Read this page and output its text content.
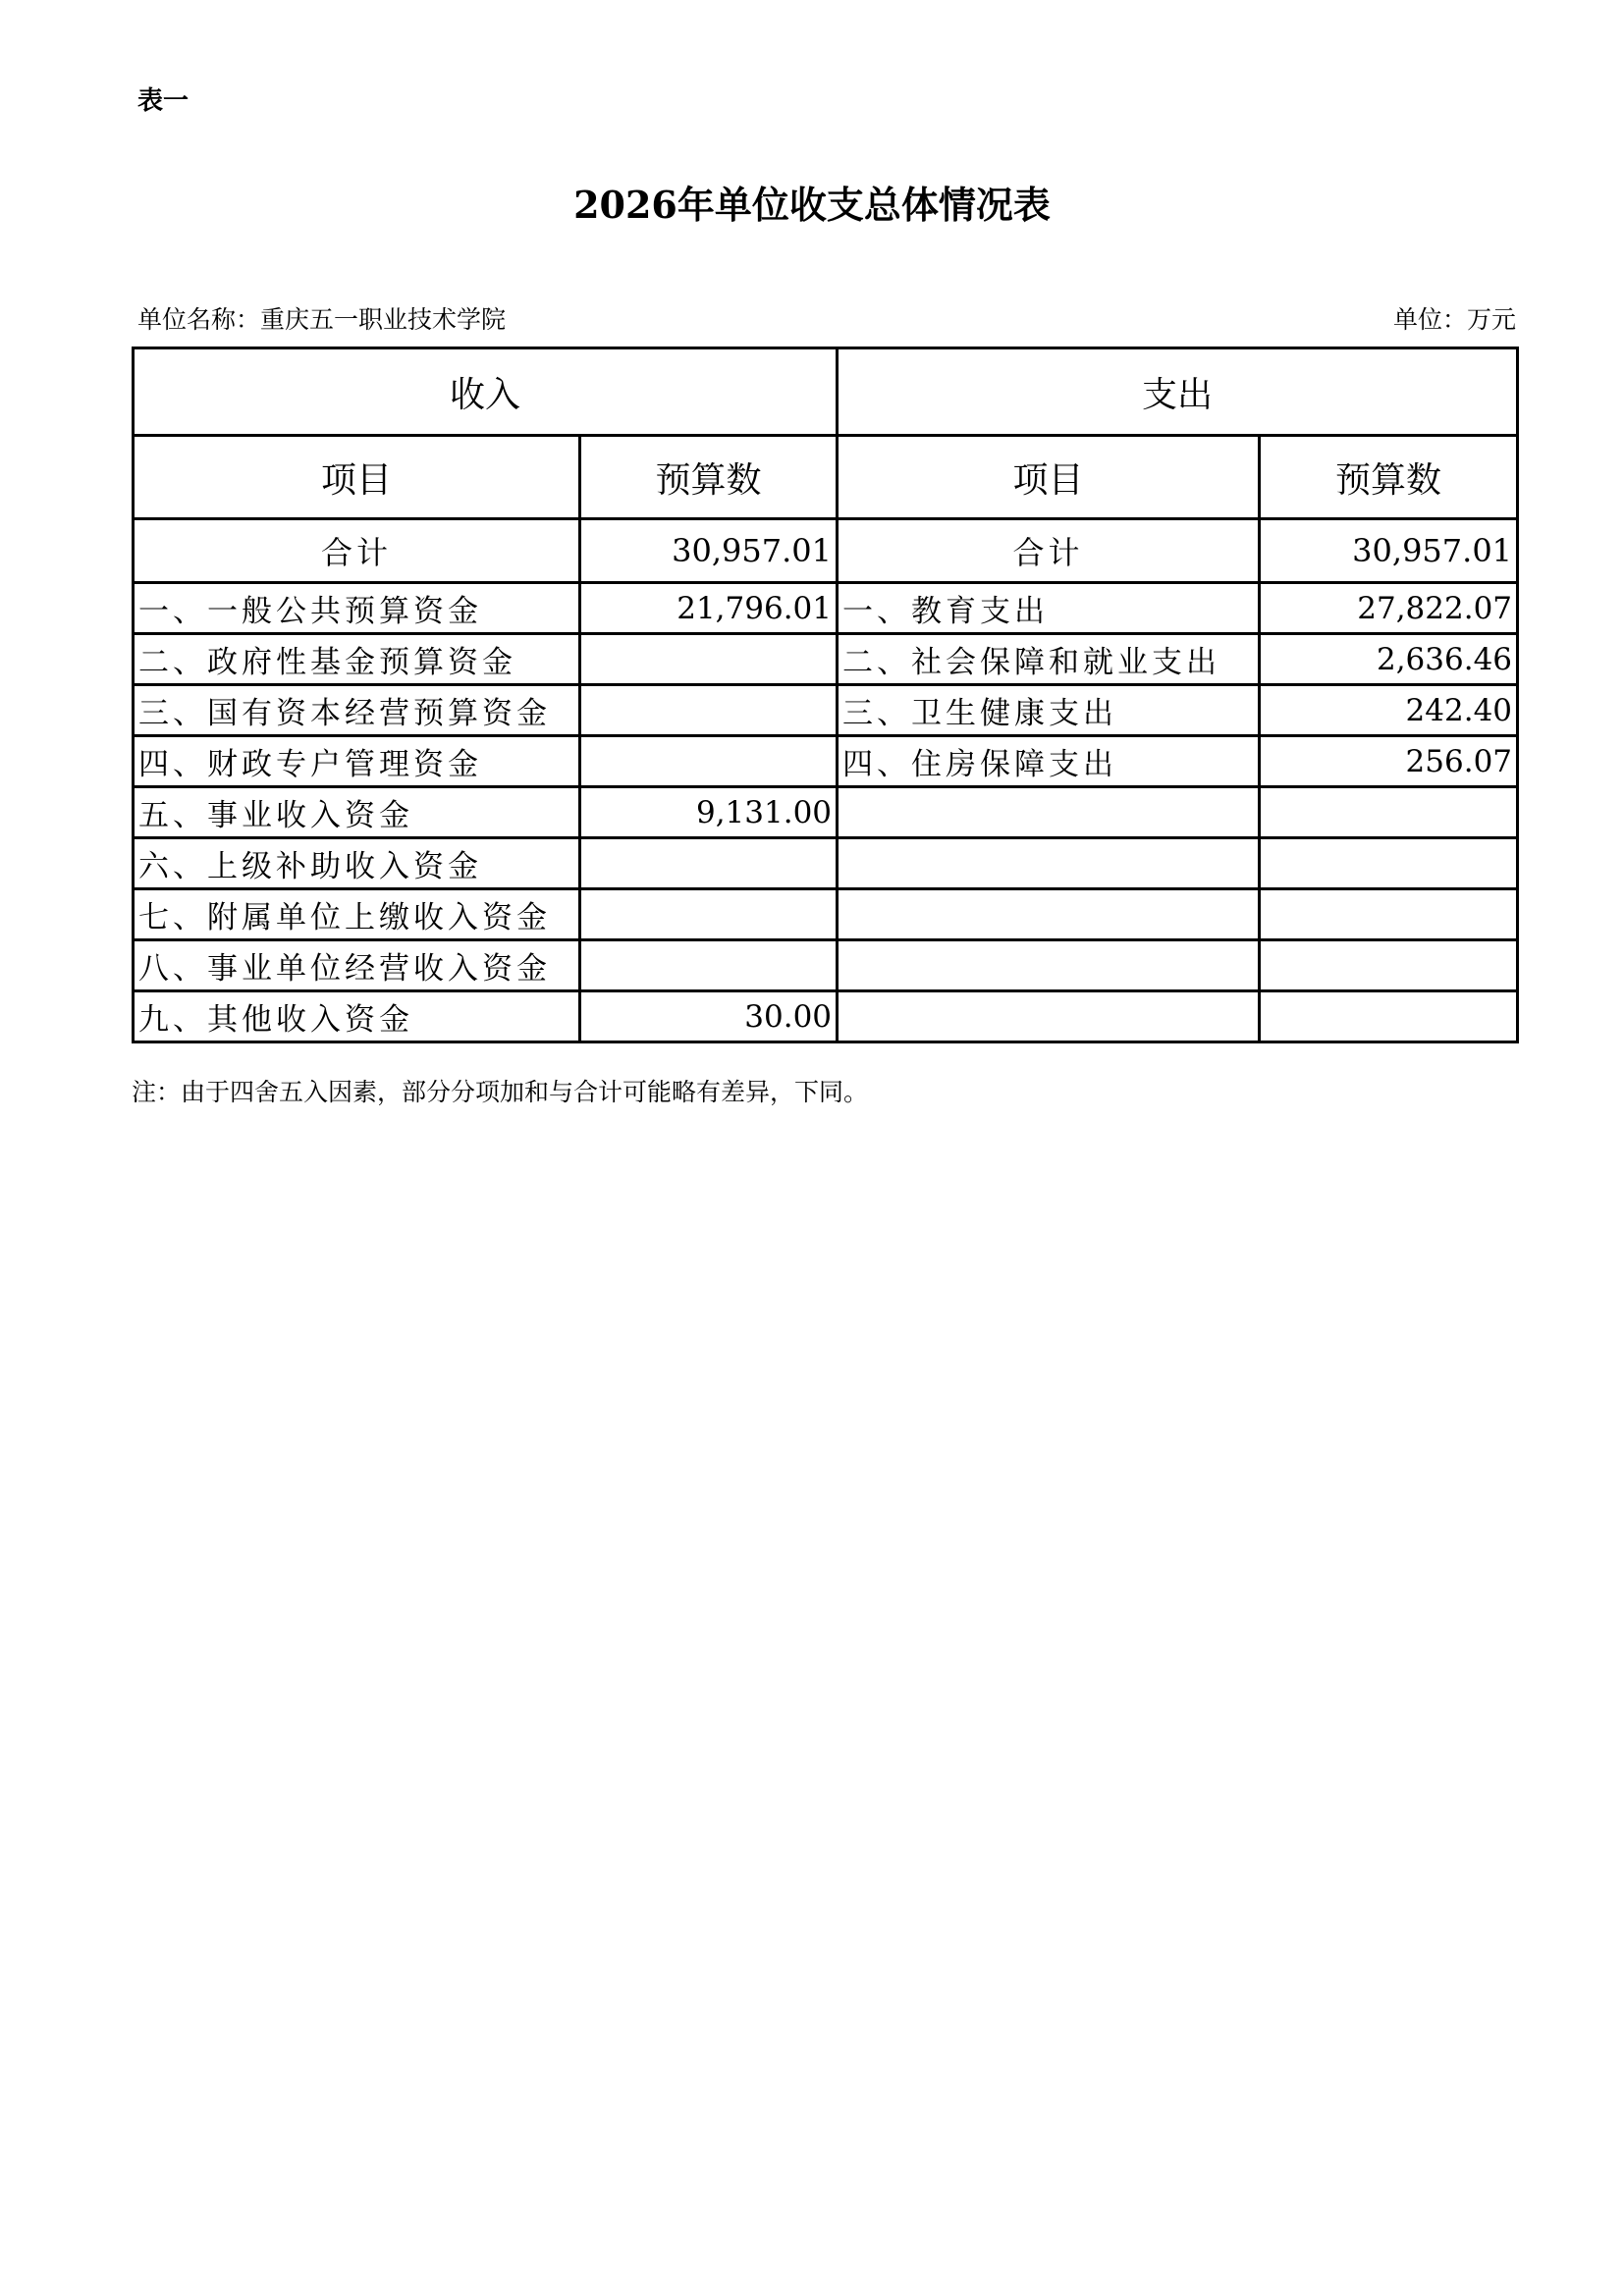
表一
2026年单位收支总体情况表
单位名称：重庆五一职业技术学院	单位：万元
收入		支出	
项目	预算数	项目	预算数
合计	30,957.01	合计	30,957.01
一、一般公共预算资金	21,796.01	一、教育支出	27,822.07
二、政府性基金预算资金		二、社会保障和就业支出	2,636.46
三、国有资本经营预算资金		三、卫生健康支出	242.40
四、财政专户管理资金		四、住房保障支出	256.07
五、事业收入资金	9,131.00		
六、上级补助收入资金			
七、附属单位上缴收入资金			
八、事业单位经营收入资金			
九、其他收入资金	30.00		
注：由于四舍五入因素，部分分项加和与合计可能略有差异，下同。
